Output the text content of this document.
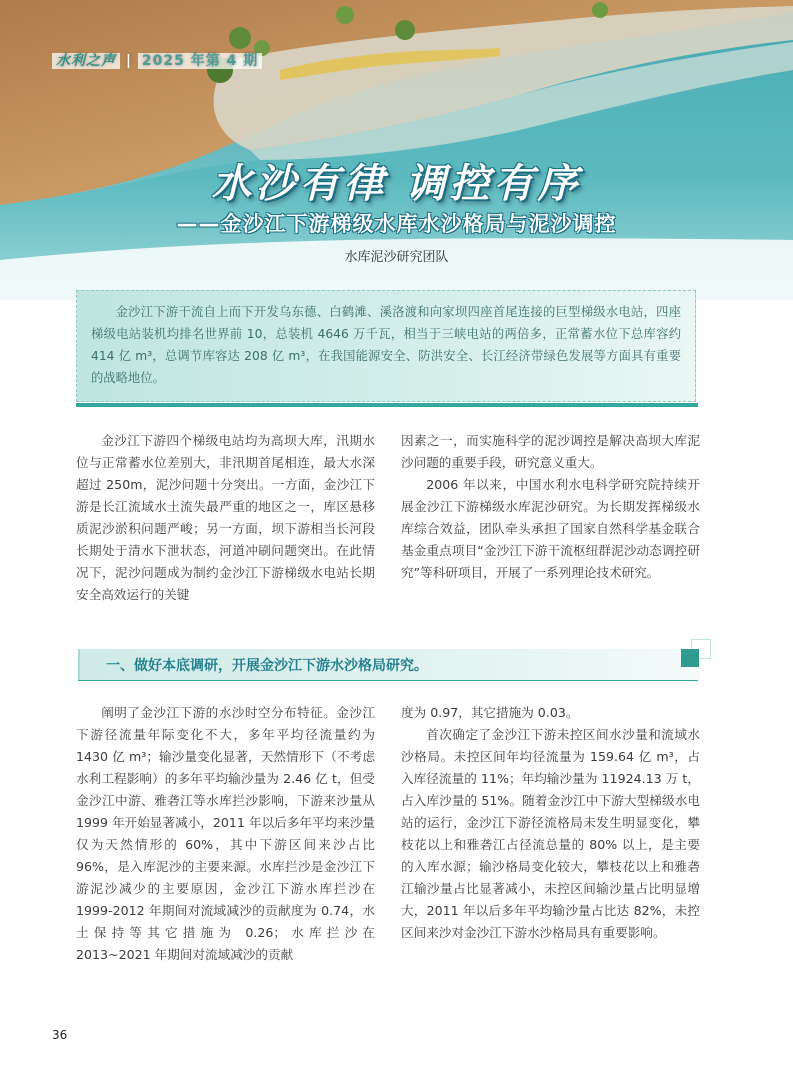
水利之声 | 2025 年第 4 期
水沙有律 调控有序
——金沙江下游梯级水库水沙格局与泥沙调控
水库泥沙研究团队
金沙江下游干流自上而下开发乌东德、白鹤滩、溪洛渡和向家坝四座首尾连接的巨型梯级水电站，四座梯级电站装机均排名世界前 10，总装机 4646 万千瓦，相当于三峡电站的两倍多，正常蓄水位下总库容约 414 亿 m³，总调节库容达 208 亿 m³，在我国能源安全、防洪安全、长江经济带绿色发展等方面具有重要的战略地位。

金沙江下游四个梯级电站均为高坝大库，汛期水位与正常蓄水位差别大，非汛期首尾相连，最大水深超过 250m，泥沙问题十分突出。一方面，金沙江下游是长江流域水土流失最严重的地区之一，库区悬移质泥沙淤积问题严峻；另一方面，坝下游相当长河段长期处于清水下泄状态，河道冲刷问题突出。在此情况下，泥沙问题成为制约金沙江下游梯级水电站长期安全高效运行的关键

因素之一，而实施科学的泥沙调控是解决高坝大库泥沙问题的重要手段，研究意义重大。

2006 年以来，中国水利水电科学研究院持续开展金沙江下游梯级水库泥沙研究。为长期发挥梯级水库综合效益，团队牵头承担了国家自然科学基金联合基金重点项目“金沙江下游干流枢纽群泥沙动态调控研究”等科研项目，开展了一系列理论技术研究。

一、做好本底调研，开展金沙江下游水沙格局研究。

阐明了金沙江下游的水沙时空分布特征。金沙江下游径流量年际变化不大，多年平均径流量约为 1430 亿 m³；输沙量变化显著，天然情形下（不考虑水利工程影响）的多年平均输沙量为 2.46 亿 t，但受金沙江中游、雅砻江等水库拦沙影响，下游来沙量从 1999 年开始显著减小，2011 年以后多年平均来沙量仅为天然情形的 60%，其中下游区间来沙占比 96%，是入库泥沙的主要来源。水库拦沙是金沙江下游泥沙减少的主要原因，金沙江下游水库拦沙在 1999-2012 年期间对流域减沙的贡献度为 0.74，水土保持等其它措施为 0.26；水库拦沙在 2013~2021 年期间对流域减沙的贡献

度为 0.97，其它措施为 0.03。

首次确定了金沙江下游未控区间水沙量和流域水沙格局。未控区间年均径流量为 159.64 亿 m³，占入库径流量的 11%；年均输沙量为 11924.13 万 t，占入库沙量的 51%。随着金沙江中下游大型梯级水电站的运行，金沙江下游径流格局未发生明显变化，攀枝花以上和雅砻江占径流总量的 80% 以上，是主要的入库水源；输沙格局变化较大，攀枝花以上和雅砻江输沙量占比显著减小，未控区间输沙量占比明显增大，2011 年以后多年平均输沙量占比达 82%，未控区间来沙对金沙江下游水沙格局具有重要影响。

36
